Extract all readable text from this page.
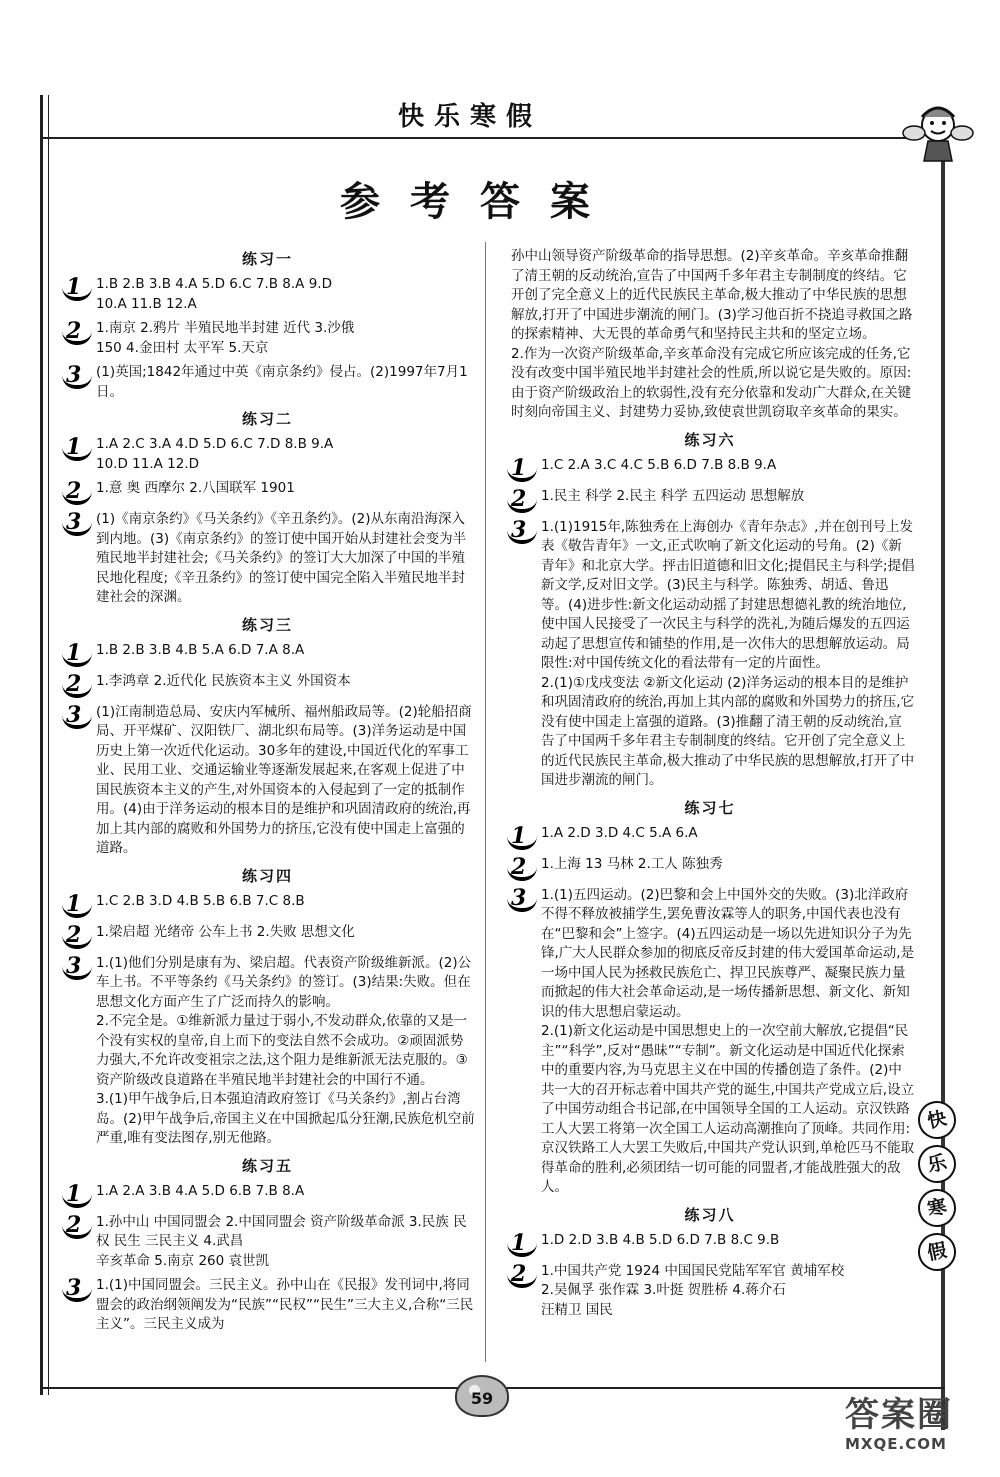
快乐寒假
参考答案
练习一
1	1.B 2.B 3.B 4.A 5.D 6.C 7.B 8.A 9.D
10.A 11.B 12.A
2	1.南京 2.鸦片 半殖民地半封建 近代 3.沙俄
150 4.金田村 太平军 5.天京
3	(1)英国;1842年通过中英《南京条约》侵占。(2)1997年7月1日。
练习二
1	1.A 2.C 3.A 4.D 5.D 6.C 7.D 8.B 9.A
10.D 11.A 12.D
2	1.意 奥 西摩尔 2.八国联军 1901
3	(1)《南京条约》《马关条约》《辛丑条约》。(2)从东南沿海深入到内地。(3)《南京条约》的签订使中国开始从封建社会变为半殖民地半封建社会;《马关条约》的签订大大加深了中国的半殖民地化程度;《辛丑条约》的签订使中国完全陷入半殖民地半封建社会的深渊。
练习三
1	1.B 2.B 3.B 4.B 5.A 6.D 7.A 8.A
2	1.李鸿章 2.近代化 民族资本主义 外国资本
3	(1)江南制造总局、安庆内军械所、福州船政局等。(2)轮船招商局、开平煤矿、汉阳铁厂、湖北织布局等。(3)洋务运动是中国历史上第一次近代化运动。30多年的建设,中国近代化的军事工业、民用工业、交通运输业等逐渐发展起来,在客观上促进了中国民族资本主义的产生,对外国资本的入侵起到了一定的抵制作用。(4)由于洋务运动的根本目的是维护和巩固清政府的统治,再加上其内部的腐败和外国势力的挤压,它没有使中国走上富强的道路。
练习四
1	1.C 2.B 3.D 4.B 5.B 6.B 7.C 8.B
2	1.梁启超 光绪帝 公车上书 2.失败 思想文化
3	1.(1)他们分别是康有为、梁启超。代表资产阶级维新派。(2)公车上书。不平等条约《马关条约》的签订。(3)结果:失败。但在思想文化方面产生了广泛而持久的影响。
2.不完全是。①维新派力量过于弱小,不发动群众,依靠的又是一个没有实权的皇帝,自上而下的变法自然不会成功。②顽固派势力强大,不允许改变祖宗之法,这个阻力是维新派无法克服的。③资产阶级改良道路在半殖民地半封建社会的中国行不通。
3.(1)甲午战争后,日本强迫清政府签订《马关条约》,割占台湾岛。(2)甲午战争后,帝国主义在中国掀起瓜分狂潮,民族危机空前严重,唯有变法图存,别无他路。
练习五
1	1.A 2.A 3.B 4.A 5.D 6.B 7.B 8.A
2	1.孙中山 中国同盟会 2.中国同盟会 资产阶级革命派 3.民族 民权 民生 三民主义 4.武昌
辛亥革命 5.南京 260 袁世凯
3	1.(1)中国同盟会。三民主义。孙中山在《民报》发刊词中,将同盟会的政治纲领阐发为“民族”“民权”“民生”三大主义,合称“三民主义”。三民主义成为
孙中山领导资产阶级革命的指导思想。(2)辛亥革命。辛亥革命推翻了清王朝的反动统治,宣告了中国两千多年君主专制制度的终结。它开创了完全意义上的近代民族民主革命,极大推动了中华民族的思想解放,打开了中国进步潮流的闸门。(3)学习他百折不挠追寻救国之路的探索精神、大无畏的革命勇气和坚持民主共和的坚定立场。
2.作为一次资产阶级革命,辛亥革命没有完成它所应该完成的任务,它没有改变中国半殖民地半封建社会的性质,所以说它是失败的。原因:由于资产阶级政治上的软弱性,没有充分依靠和发动广大群众,在关键时刻向帝国主义、封建势力妥协,致使袁世凯窃取辛亥革命的果实。
练习六
1	1.C 2.A 3.C 4.C 5.B 6.D 7.B 8.B 9.A
2	1.民主 科学 2.民主 科学 五四运动 思想解放
3	1.(1)1915年,陈独秀在上海创办《青年杂志》,并在创刊号上发表《敬告青年》一文,正式吹响了新文化运动的号角。(2)《新青年》和北京大学。抨击旧道德和旧文化;提倡民主与科学;提倡新文学,反对旧文学。(3)民主与科学。陈独秀、胡适、鲁迅等。(4)进步性:新文化运动动摇了封建思想德礼教的统治地位,使中国人民接受了一次民主与科学的洗礼,为随后爆发的五四运动起了思想宣传和铺垫的作用,是一次伟大的思想解放运动。局限性:对中国传统文化的看法带有一定的片面性。
2.(1)①戊戌变法 ②新文化运动 (2)洋务运动的根本目的是维护和巩固清政府的统治,再加上其内部的腐败和外国势力的挤压,它没有使中国走上富强的道路。(3)推翻了清王朝的反动统治,宣告了中国两千多年君主专制制度的终结。它开创了完全意义上的近代民族民主革命,极大推动了中华民族的思想解放,打开了中国进步潮流的闸门。
练习七
1	1.A 2.D 3.D 4.C 5.A 6.A
2	1.上海 13 马林 2.工人 陈独秀
3	1.(1)五四运动。(2)巴黎和会上中国外交的失败。(3)北洋政府不得不释放被捕学生,罢免曹汝霖等人的职务,中国代表也没有在“巴黎和会”上签字。(4)五四运动是一场以先进知识分子为先锋,广大人民群众参加的彻底反帝反封建的伟大爱国革命运动,是一场中国人民为拯救民族危亡、捍卫民族尊严、凝聚民族力量而掀起的伟大社会革命运动,是一场传播新思想、新文化、新知识的伟大思想启蒙运动。
2.(1)新文化运动是中国思想史上的一次空前大解放,它提倡“民主”“科学”,反对“愚昧”“专制”。新文化运动是中国近代化探索中的重要内容,为马克思主义在中国的传播创造了条件。(2)中共一大的召开标志着中国共产党的诞生,中国共产党成立后,设立了中国劳动组合书记部,在中国领导全国的工人运动。京汉铁路工人大罢工将第一次全国工人运动高潮推向了顶峰。共同作用:京汉铁路工人大罢工失败后,中国共产党认识到,单枪匹马不能取得革命的胜利,必须团结一切可能的同盟者,才能战胜强大的敌人。
练习八
1	1.D 2.D 3.B 4.B 5.D 6.D 7.B 8.C 9.B
2	1.中国共产党 1924 中国国民党陆军军官 黄埔军校
2.吴佩孚 张作霖 3.叶挺 贺胜桥 4.蒋介石
汪精卫 国民
快
乐
寒
假
59	答案圈
MXQE.COM
